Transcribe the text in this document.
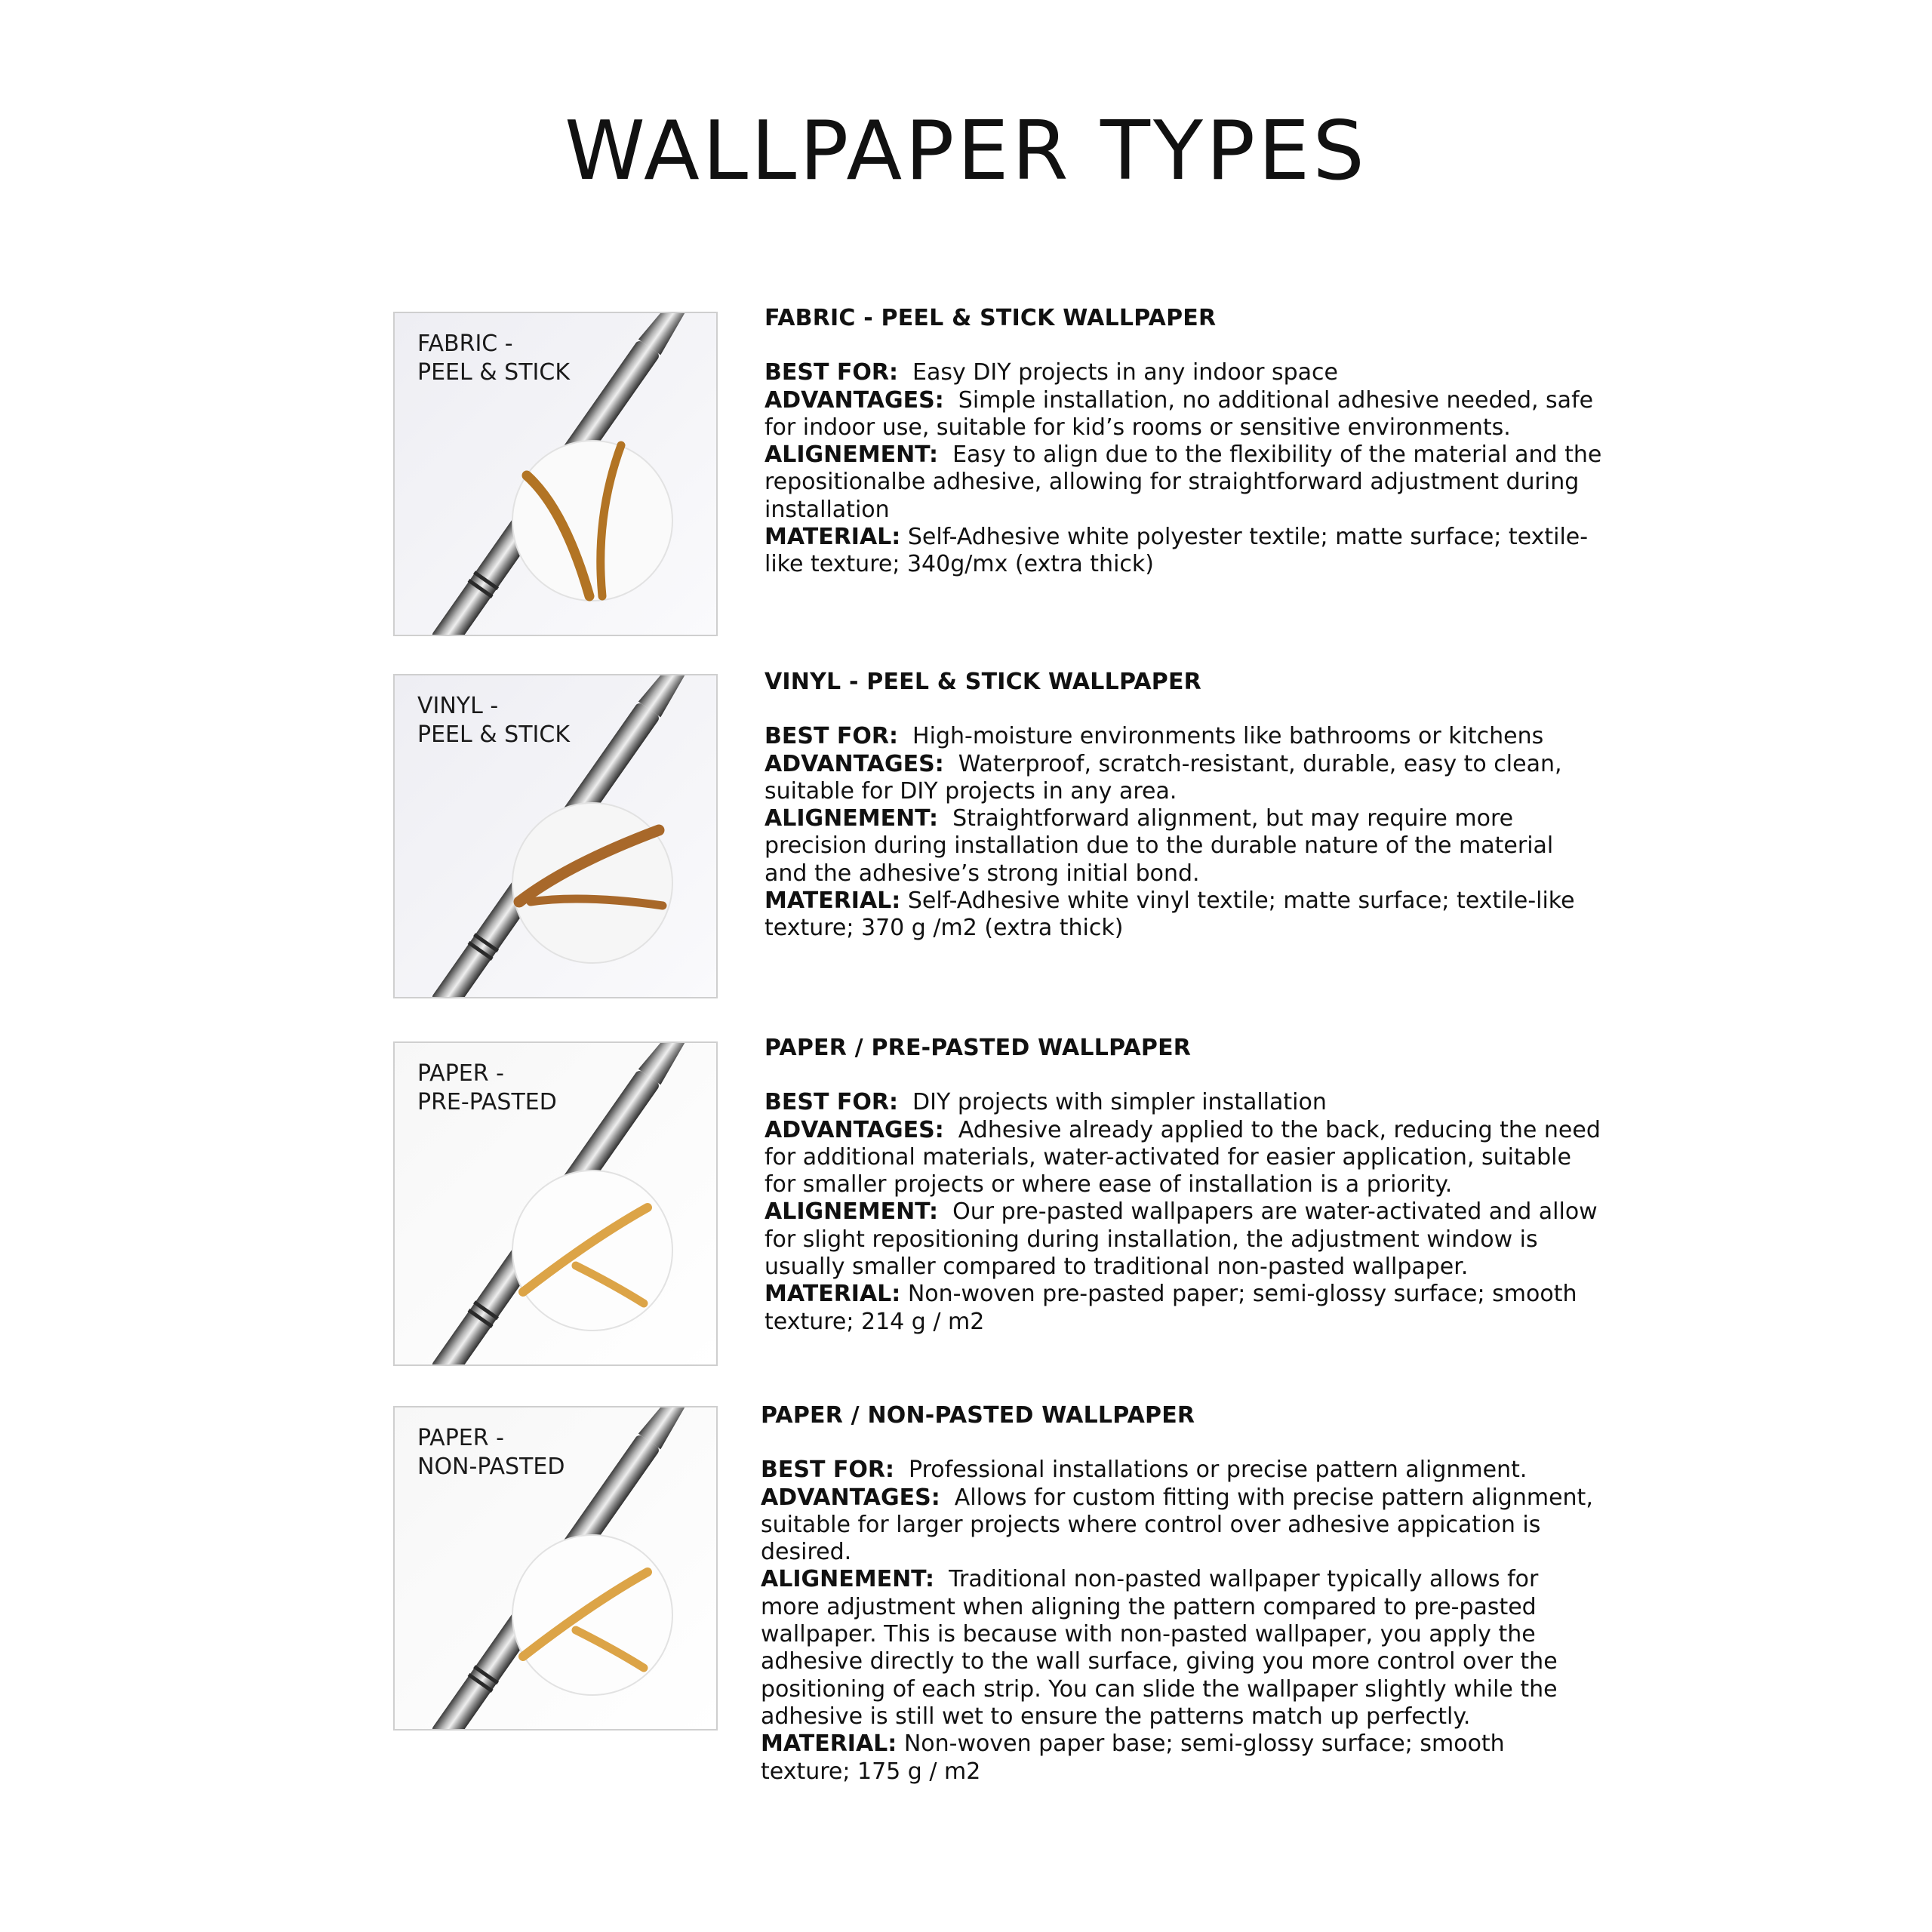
WALLPAPER TYPES
FABRIC -
PEEL & STICK
FABRIC - PEEL & STICK WALLPAPER

BEST FOR: Easy DIY projects in any indoor space

ADVANTAGES: Simple installation, no additional adhesive needed, safe for indoor use, suitable for kid’s rooms or sensitive environments.

ALIGNEMENT: Easy to align due to the flexibility of the material and the repositionalbe adhesive, allowing for straightforward adjustment during installation

MATERIAL: Self-Adhesive white polyester textile; matte surface; textile-like texture; 340g/mx (extra thick)

VINYL -
PEEL & STICK
VINYL - PEEL & STICK WALLPAPER

BEST FOR: High-moisture environments like bathrooms or kitchens

ADVANTAGES: Waterproof, scratch-resistant, durable, easy to clean, suitable for DIY projects in any area.

ALIGNEMENT: Straightforward alignment, but may require more precision during installation due to the durable nature of the material and the adhesive’s strong initial bond.

MATERIAL: Self-Adhesive white vinyl textile; matte surface; textile-like texture; 370 g /m2 (extra thick)

PAPER -
PRE-PASTED
PAPER / PRE-PASTED WALLPAPER

BEST FOR: DIY projects with simpler installation

ADVANTAGES: Adhesive already applied to the back, reducing the need for additional materials, water-activated for easier application, suitable for smaller projects or where ease of installation is a priority.

ALIGNEMENT: Our pre-pasted wallpapers are water-activated and allow for slight repositioning during installation, the adjustment window is usually smaller compared to traditional non-pasted wallpaper.

MATERIAL: Non-woven pre-pasted paper; semi-glossy surface; smooth texture; 214 g / m2

PAPER -
NON-PASTED
PAPER / NON-PASTED WALLPAPER

BEST FOR: Professional installations or precise pattern alignment.

ADVANTAGES: Allows for custom fitting with precise pattern alignment, suitable for larger projects where control over adhesive appication is desired.

ALIGNEMENT: Traditional non-pasted wallpaper typically allows for more adjustment when aligning the pattern compared to pre-pasted wallpaper. This is because with non-pasted wallpaper, you apply the adhesive directly to the wall surface, giving you more control over the positioning of each strip. You can slide the wallpaper slightly while the adhesive is still wet to ensure the patterns match up perfectly.

MATERIAL: Non-woven paper base; semi-glossy surface; smooth texture; 175 g / m2
